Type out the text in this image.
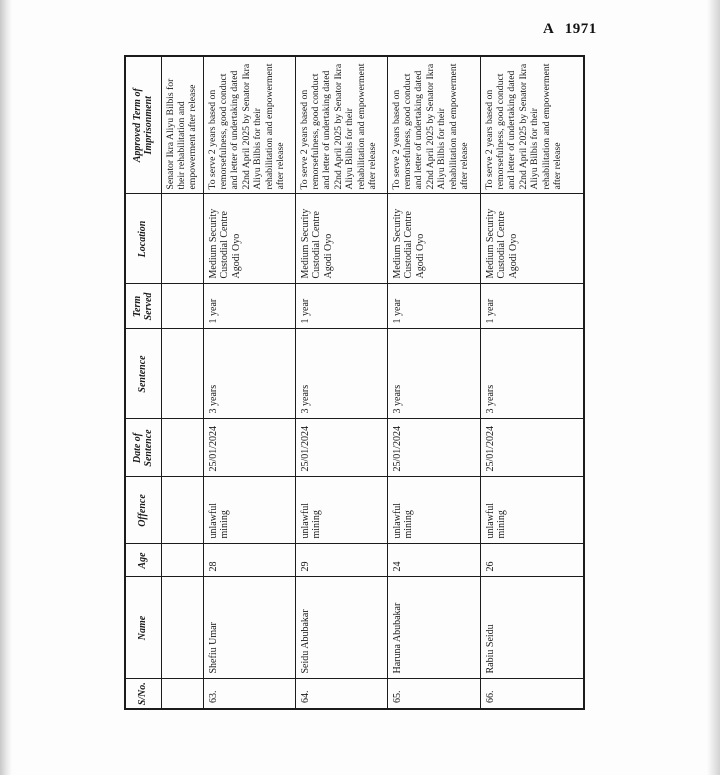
A 1971
S/No.	Name	Age	Offence	Date of Sentence	Sentence	Term Served	Location	Approved Term of Imprisonment
								Senator Ikra Aliyu Bilbis for their rehabilitation and empowerment after release
63.	Shefiu Umar	28	unlawful mining	25/01/2024	3 years	1 year	Medium Security Custodial Centre Agodi Oyo	To serve 2 years based on remorsefulness, good conduct and letter of undertaking dated 22nd April 2025 by Senator Ikra Aliyu Bilbis for their rehabilitation and empowerment after release
64.	Seidu Abubakar	29	unlawful mining	25/01/2024	3 years	1 year	Medium Security Custodial Centre Agodi Oyo	To serve 2 years based on remorsefulness, good conduct and letter of undertaking dated 22nd April 2025 by Senator Ikra Aliyu Bilbis for their rehabilitation and empowerment after release
65.	Haruna Abubakar	24	unlawful mining	25/01/2024	3 years	1 year	Medium Security Custodial Centre Agodi Oyo	To serve 2 years based on remorsefulness, good conduct and letter of undertaking dated 22nd April 2025 by Senator Ikra Aliyu Bilbis for their rehabilitation and empowerment after release
66.	Rabiu Seidu	26	unlawful mining	25/01/2024	3 years	1 year	Medium Security Custodial Centre Agodi Oyo	To serve 2 years based on remorsefulness, good conduct and letter of undertaking dated 22nd April 2025 by Senator Ikra Aliyu Bilbis for their rehabilitation and empowerment after release
